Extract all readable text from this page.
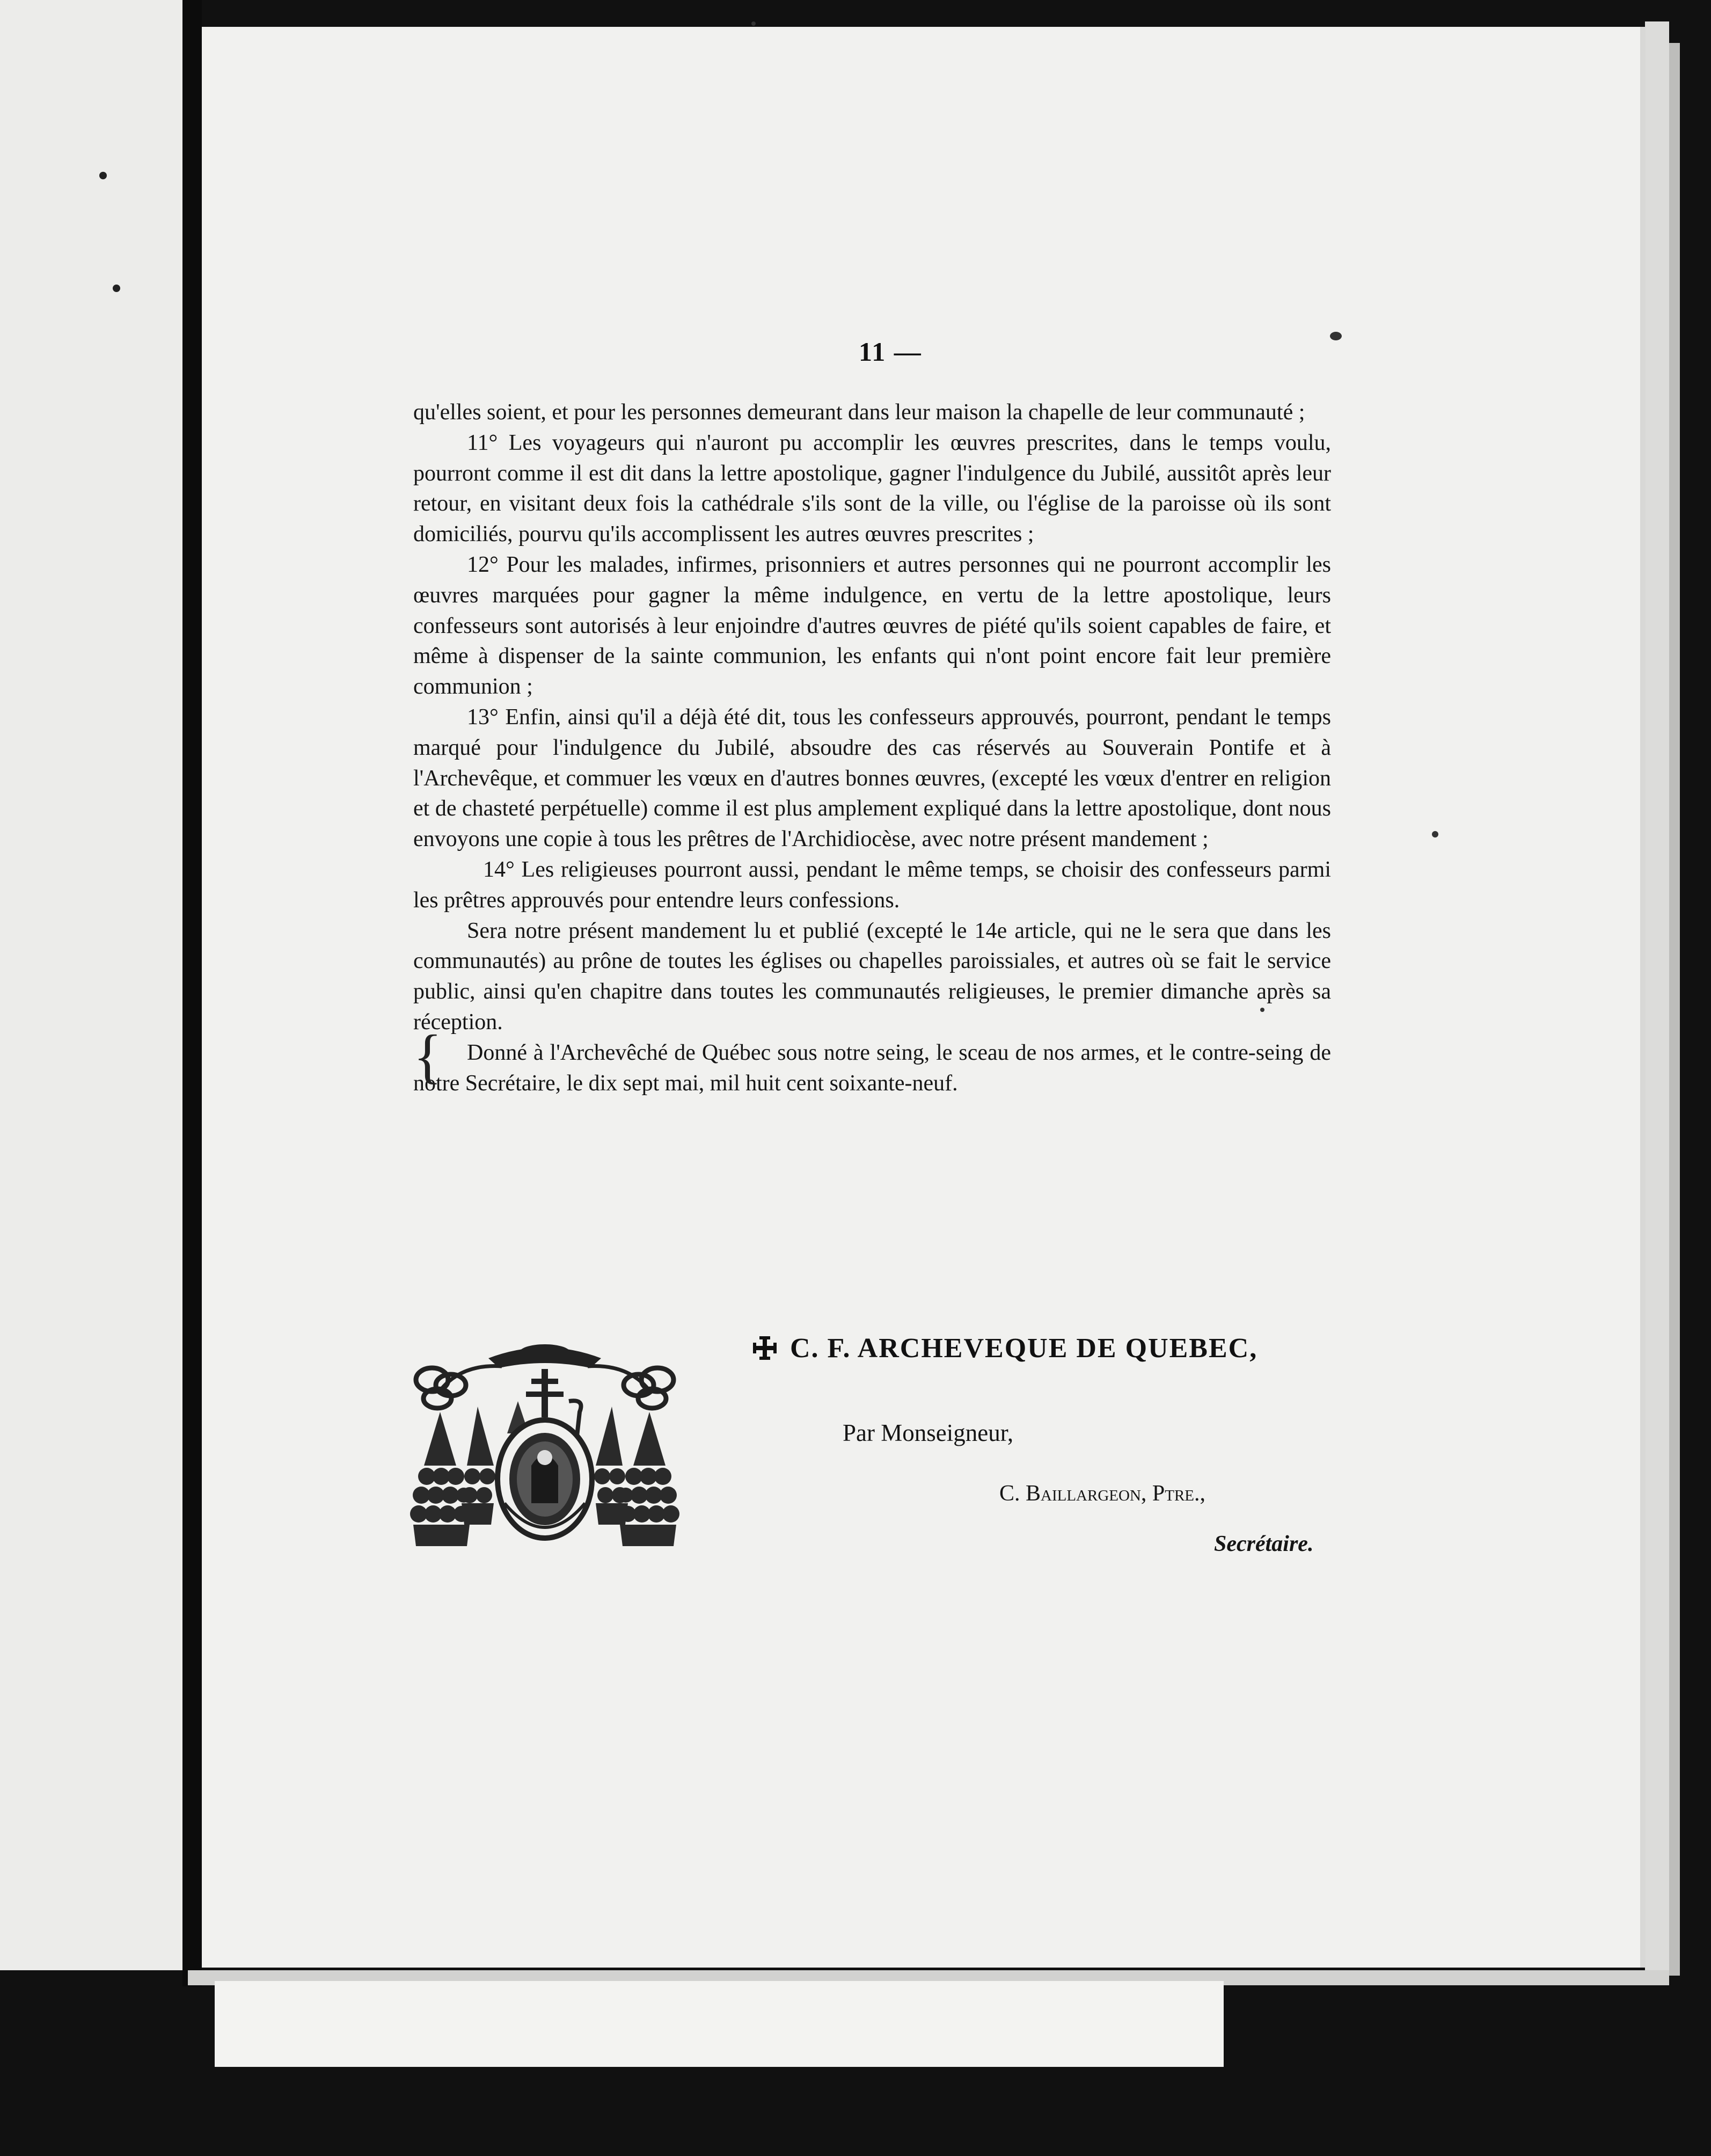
11 —

qu'elles soient, et pour les personnes demeurant dans leur maison la chapelle de leur communauté ;

11° Les voyageurs qui n'auront pu accomplir les œuvres prescrites, dans le temps voulu, pourront comme il est dit dans la lettre apostolique, gagner l'indulgence du Jubilé, aussitôt après leur retour, en visitant deux fois la cathédrale s'ils sont de la ville, ou l'église de la paroisse où ils sont domiciliés, pourvu qu'ils accomplissent les autres œuvres prescrites ;

12° Pour les malades, infirmes, prisonniers et autres personnes qui ne pourront accomplir les œuvres marquées pour gagner la même indulgence, en vertu de la lettre apostolique, leurs confesseurs sont autorisés à leur enjoindre d'autres œuvres de piété qu'ils soient capables de faire, et même à dispenser de la sainte communion, les enfants qui n'ont point encore fait leur première communion ;

13° Enfin, ainsi qu'il a déjà été dit, tous les confesseurs approuvés, pourront, pendant le temps marqué pour l'indulgence du Jubilé, absoudre des cas réservés au Souverain Pontife et à l'Archevêque, et commuer les vœux en d'autres bonnes œuvres, (excepté les vœux d'entrer en religion et de chasteté perpétuelle) comme il est plus amplement expliqué dans la lettre apostolique, dont nous envoyons une copie à tous les prêtres de l'Archidiocèse, avec notre présent mandement ;

14° Les religieuses pourront aussi, pendant le même temps, se choisir des confesseurs parmi les prêtres approuvés pour entendre leurs confessions.

Sera notre présent mandement lu et publié (excepté le 14e article, qui ne le sera que dans les communautés) au prône de toutes les églises ou chapelles paroissiales, et autres où se fait le service public, ainsi qu'en chapitre dans toutes les communautés religieuses, le premier dimanche après sa réception.

Donné à l'Archevêché de Québec sous notre seing, le sceau de nos armes, et le contre-seing de notre Secrétaire, le dix sept mai, mil huit cent soixante-neuf.

{
C. F. ARCHEVEQUE DE QUEBEC,
Par Monseigneur,
C. Baillargeon, Ptre.,
Secrétaire.
